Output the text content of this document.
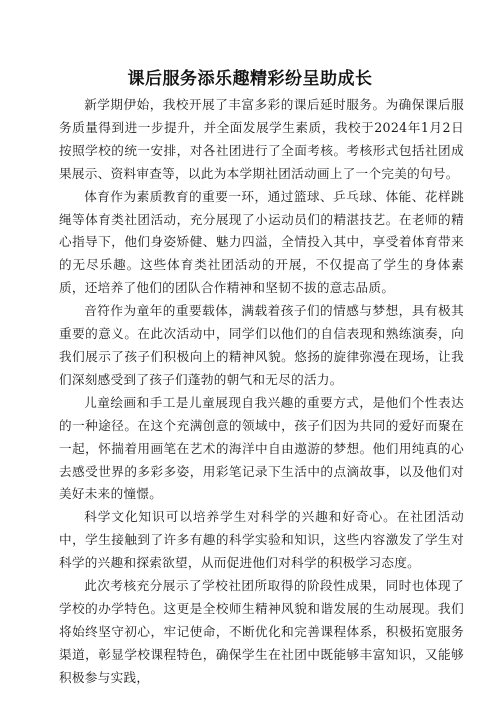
课后服务添乐趣精彩纷呈助成长

新学期伊始，我校开展了丰富多彩的课后延时服务。为确保课后服务质量得到进一步提升，并全面发展学生素质，我校于2024年1月2日按照学校的统一安排，对各社团进行了全面考核。考核形式包括社团成果展示、资料审查等，以此为本学期社团活动画上了一个完美的句号。

体育作为素质教育的重要一环，通过篮球、乒乓球、体能、花样跳绳等体育类社团活动，充分展现了小运动员们的精湛技艺。在老师的精心指导下，他们身姿矫健、魅力四溢，全情投入其中，享受着体育带来的无尽乐趣。这些体育类社团活动的开展，不仅提高了学生的身体素质，还培养了他们的团队合作精神和坚韧不拔的意志品质。

音符作为童年的重要载体，满载着孩子们的情感与梦想，具有极其重要的意义。在此次活动中，同学们以他们的自信表现和熟练演奏，向我们展示了孩子们积极向上的精神风貌。悠扬的旋律弥漫在现场，让我们深刻感受到了孩子们蓬勃的朝气和无尽的活力。

儿童绘画和手工是儿童展现自我兴趣的重要方式，是他们个性表达的一种途径。在这个充满创意的领域中，孩子们因为共同的爱好而聚在一起，怀揣着用画笔在艺术的海洋中自由遨游的梦想。他们用纯真的心去感受世界的多彩多姿，用彩笔记录下生活中的点滴故事，以及他们对美好未来的憧憬。

科学文化知识可以培养学生对科学的兴趣和好奇心。在社团活动中，学生接触到了许多有趣的科学实验和知识，这些内容激发了学生对科学的兴趣和探索欲望，从而促进他们对科学的积极学习态度。

此次考核充分展示了学校社团所取得的阶段性成果，同时也体现了学校的办学特色。这更是全校师生精神风貌和谐发展的生动展现。我们将始终坚守初心，牢记使命，不断优化和完善课程体系，积极拓宽服务渠道，彰显学校课程特色，确保学生在社团中既能够丰富知识，又能够积极参与实践，
